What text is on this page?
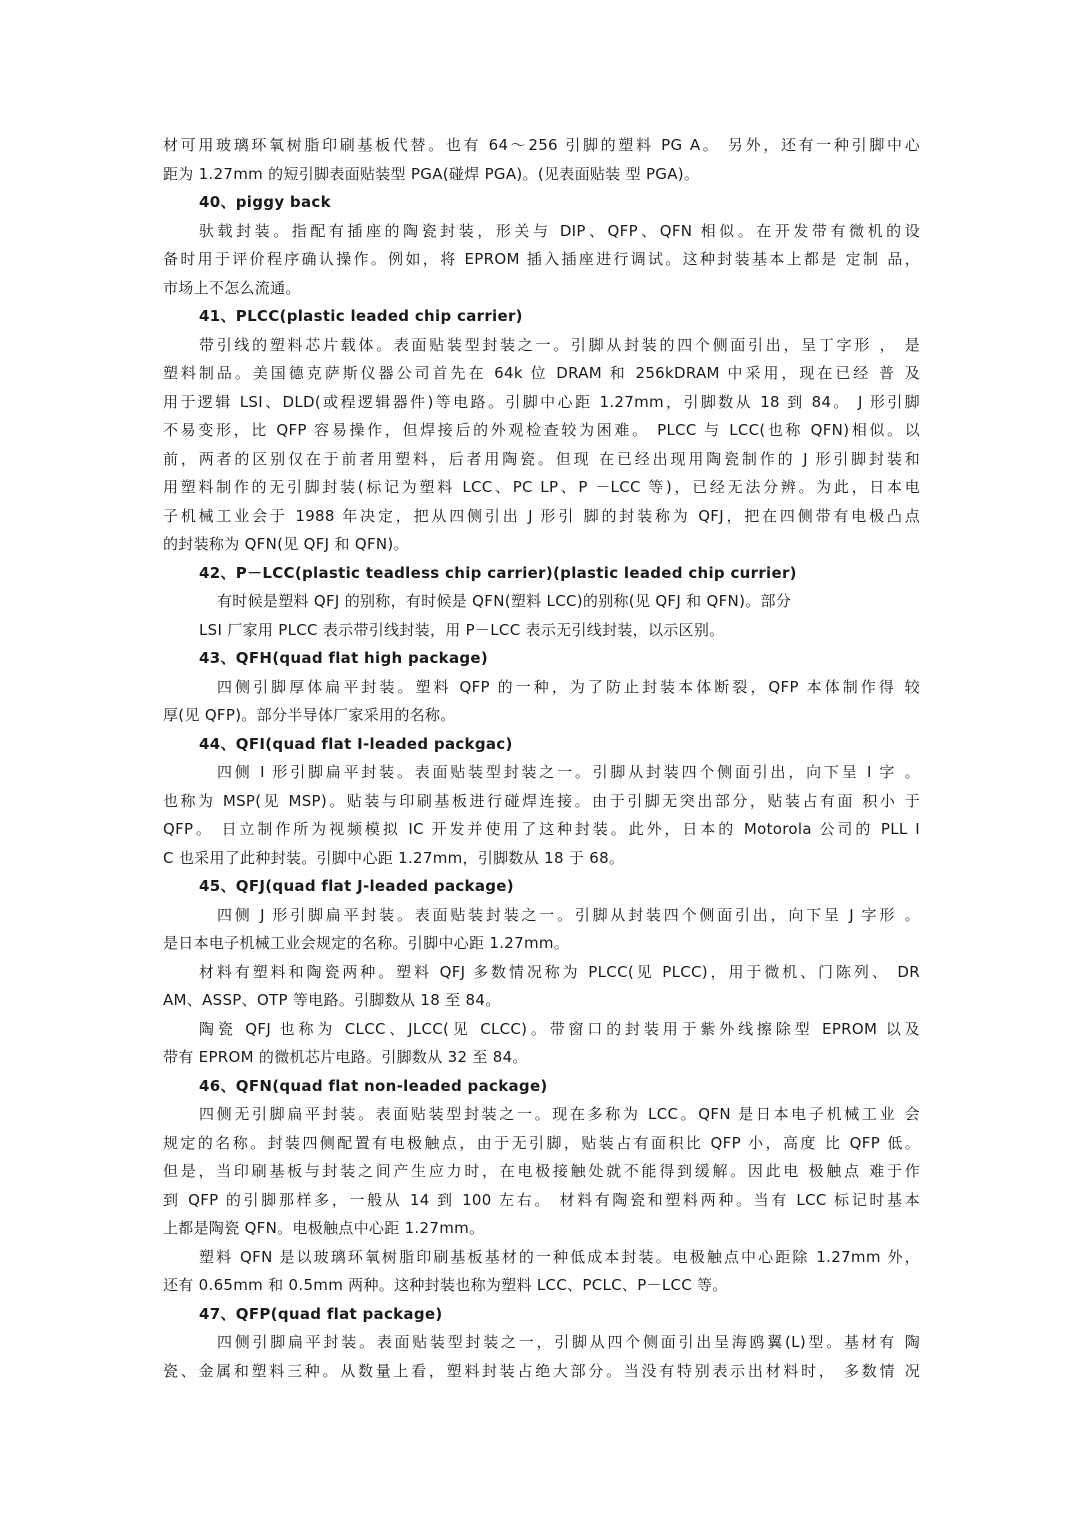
材可用玻璃环氧树脂印刷基板代替。也有 64～256 引脚的塑料 PG A。 另外，还有一种引脚中心
距为 1.27mm 的短引脚表面贴装型 PGA(碰焊 PGA)。(见表面贴装 型 PGA)。
40、piggy back
驮载封装。指配有插座的陶瓷封装，形关与 DIP、QFP、QFN 相似。在开发带有微机的设
备时用于评价程序确认操作。例如，将 EPROM 插入插座进行调试。这种封装基本上都是 定制 品，
市场上不怎么流通。
41、PLCC(plastic leaded chip carrier)
带引线的塑料芯片载体。表面贴装型封装之一。引脚从封装的四个侧面引出，呈丁字形 ， 是
塑料制品。美国德克萨斯仪器公司首先在 64k 位 DRAM 和 256kDRAM 中采用，现在已经 普 及
用于逻辑 LSI、DLD(或程逻辑器件)等电路。引脚中心距 1.27mm，引脚数从 18 到 84。 J 形引脚
不易变形，比 QFP 容易操作，但焊接后的外观检查较为困难。 PLCC 与 LCC(也称 QFN)相似。以
前，两者的区别仅在于前者用塑料，后者用陶瓷。但现 在已经出现用陶瓷制作的 J 形引脚封装和
用塑料制作的无引脚封装(标记为塑料 LCC、PC LP、P －LCC 等)，已经无法分辨。为此，日本电
子机械工业会于 1988 年决定，把从四侧引出 J 形引 脚的封装称为 QFJ，把在四侧带有电极凸点
的封装称为 QFN(见 QFJ 和 QFN)。
42、P－LCC(plastic teadless chip carrier)(plastic leaded chip currier)
有时候是塑料 QFJ 的别称，有时候是 QFN(塑料 LCC)的别称(见 QFJ 和 QFN)。部分
LSI 厂家用 PLCC 表示带引线封装，用 P－LCC 表示无引线封装，以示区别。
43、QFH(quad flat high package)
四侧引脚厚体扁平封装。塑料 QFP 的一种，为了防止封装本体断裂，QFP 本体制作得 较
厚(见 QFP)。部分半导体厂家采用的名称。
44、QFI(quad flat I-leaded packgac)
四侧 I 形引脚扁平封装。表面贴装型封装之一。引脚从封装四个侧面引出，向下呈 I 字 。
也称为 MSP(见 MSP)。贴装与印刷基板进行碰焊连接。由于引脚无突出部分，贴装占有面 积小 于
QFP。 日立制作所为视频模拟 IC 开发并使用了这种封装。此外，日本的 Motorola 公司的 PLL I
C 也采用了此种封装。引脚中心距 1.27mm，引脚数从 18 于 68。
45、QFJ(quad flat J-leaded package)
四侧 J 形引脚扁平封装。表面贴装封装之一。引脚从封装四个侧面引出，向下呈 J 字形 。
是日本电子机械工业会规定的名称。引脚中心距 1.27mm。
材料有塑料和陶瓷两种。塑料 QFJ 多数情况称为 PLCC(见 PLCC)，用于微机、门陈列、 DR
AM、ASSP、OTP 等电路。引脚数从 18 至 84。
陶瓷 QFJ 也称为 CLCC、JLCC(见 CLCC)。带窗口的封装用于紫外线擦除型 EPROM 以及
带有 EPROM 的微机芯片电路。引脚数从 32 至 84。
46、QFN(quad flat non-leaded package)
四侧无引脚扁平封装。表面贴装型封装之一。现在多称为 LCC。QFN 是日本电子机械工业 会
规定的名称。封装四侧配置有电极触点，由于无引脚，贴装占有面积比 QFP 小，高度 比 QFP 低。
但是，当印刷基板与封装之间产生应力时，在电极接触处就不能得到缓解。因此电 极触点 难于作
到 QFP 的引脚那样多，一般从 14 到 100 左右。 材料有陶瓷和塑料两种。当有 LCC 标记时基本
上都是陶瓷 QFN。电极触点中心距 1.27mm。
塑料 QFN 是以玻璃环氧树脂印刷基板基材的一种低成本封装。电极触点中心距除 1.27mm 外，
还有 0.65mm 和 0.5mm 两种。这种封装也称为塑料 LCC、PCLC、P－LCC 等。
47、QFP(quad flat package)
四侧引脚扁平封装。表面贴装型封装之一，引脚从四个侧面引出呈海鸥翼(L)型。基材有 陶
瓷、金属和塑料三种。从数量上看，塑料封装占绝大部分。当没有特别表示出材料时， 多数情 况
